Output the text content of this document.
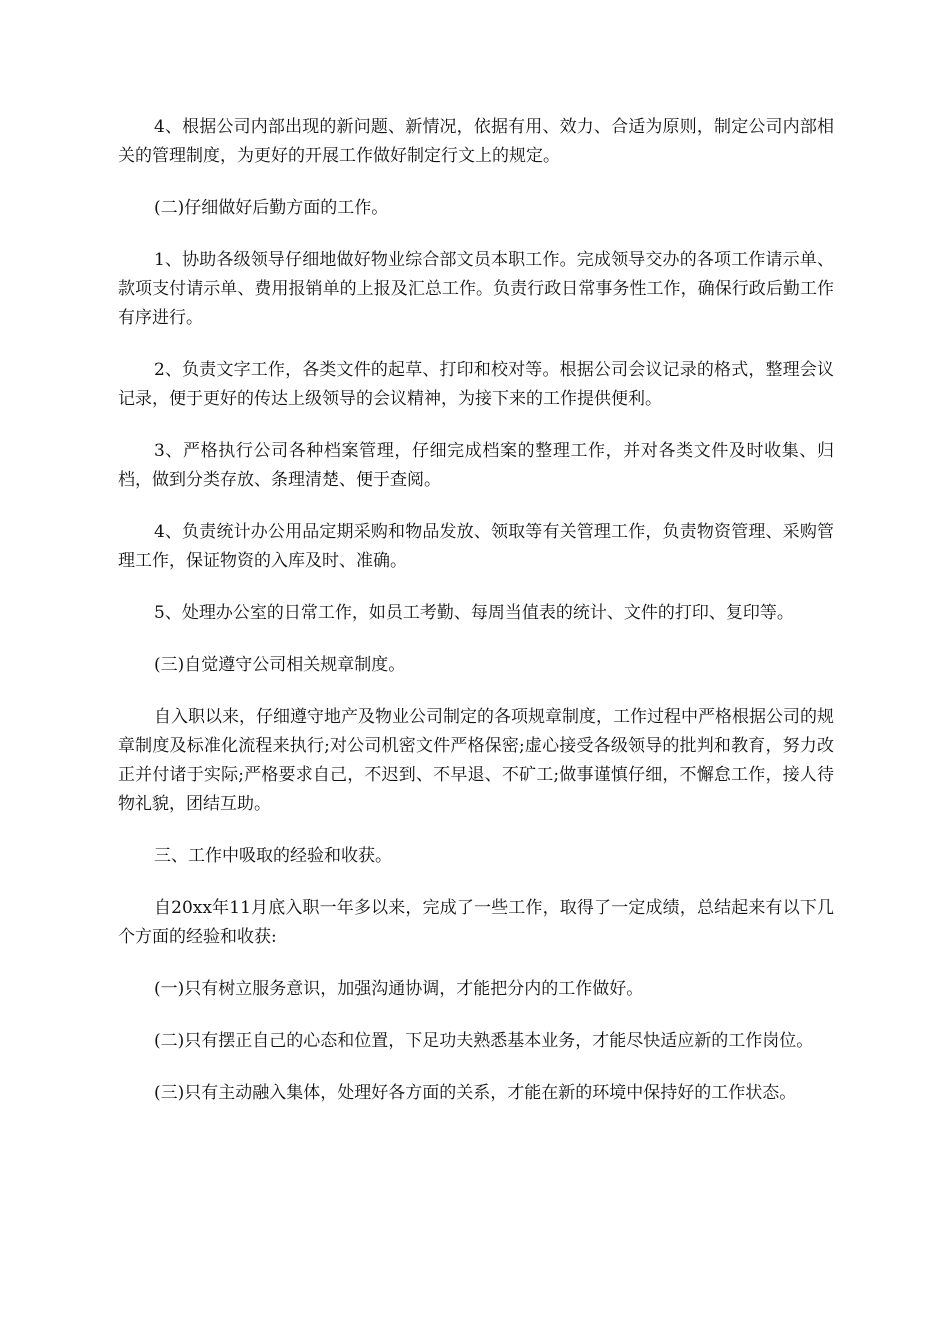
4、根据公司内部出现的新问题、新情况，依据有用、效力、合适为原则，制定公司内部相关的管理制度，为更好的开展工作做好制定行文上的规定。

(二)仔细做好后勤方面的工作。

1、协助各级领导仔细地做好物业综合部文员本职工作。完成领导交办的各项工作请示单、款项支付请示单、费用报销单的上报及汇总工作。负责行政日常事务性工作，确保行政后勤工作有序进行。

2、负责文字工作，各类文件的起草、打印和校对等。根据公司会议记录的格式，整理会议记录，便于更好的传达上级领导的会议精神，为接下来的工作提供便利。

3、严格执行公司各种档案管理，仔细完成档案的整理工作，并对各类文件及时收集、归档，做到分类存放、条理清楚、便于查阅。

4、负责统计办公用品定期采购和物品发放、领取等有关管理工作，负责物资管理、采购管理工作，保证物资的入库及时、准确。

5、处理办公室的日常工作，如员工考勤、每周当值表的统计、文件的打印、复印等。

(三)自觉遵守公司相关规章制度。

自入职以来，仔细遵守地产及物业公司制定的各项规章制度，工作过程中严格根据公司的规章制度及标准化流程来执行;对公司机密文件严格保密;虚心接受各级领导的批判和教育，努力改正并付诸于实际;严格要求自己，不迟到、不早退、不矿工;做事谨慎仔细，不懈怠工作，接人待物礼貌，团结互助。

三、工作中吸取的经验和收获。

自20xx年11月底入职一年多以来，完成了一些工作，取得了一定成绩，总结起来有以下几个方面的经验和收获:

(一)只有树立服务意识，加强沟通协调，才能把分内的工作做好。

(二)只有摆正自己的心态和位置，下足功夫熟悉基本业务，才能尽快适应新的工作岗位。

(三)只有主动融入集体，处理好各方面的关系，才能在新的环境中保持好的工作状态。
